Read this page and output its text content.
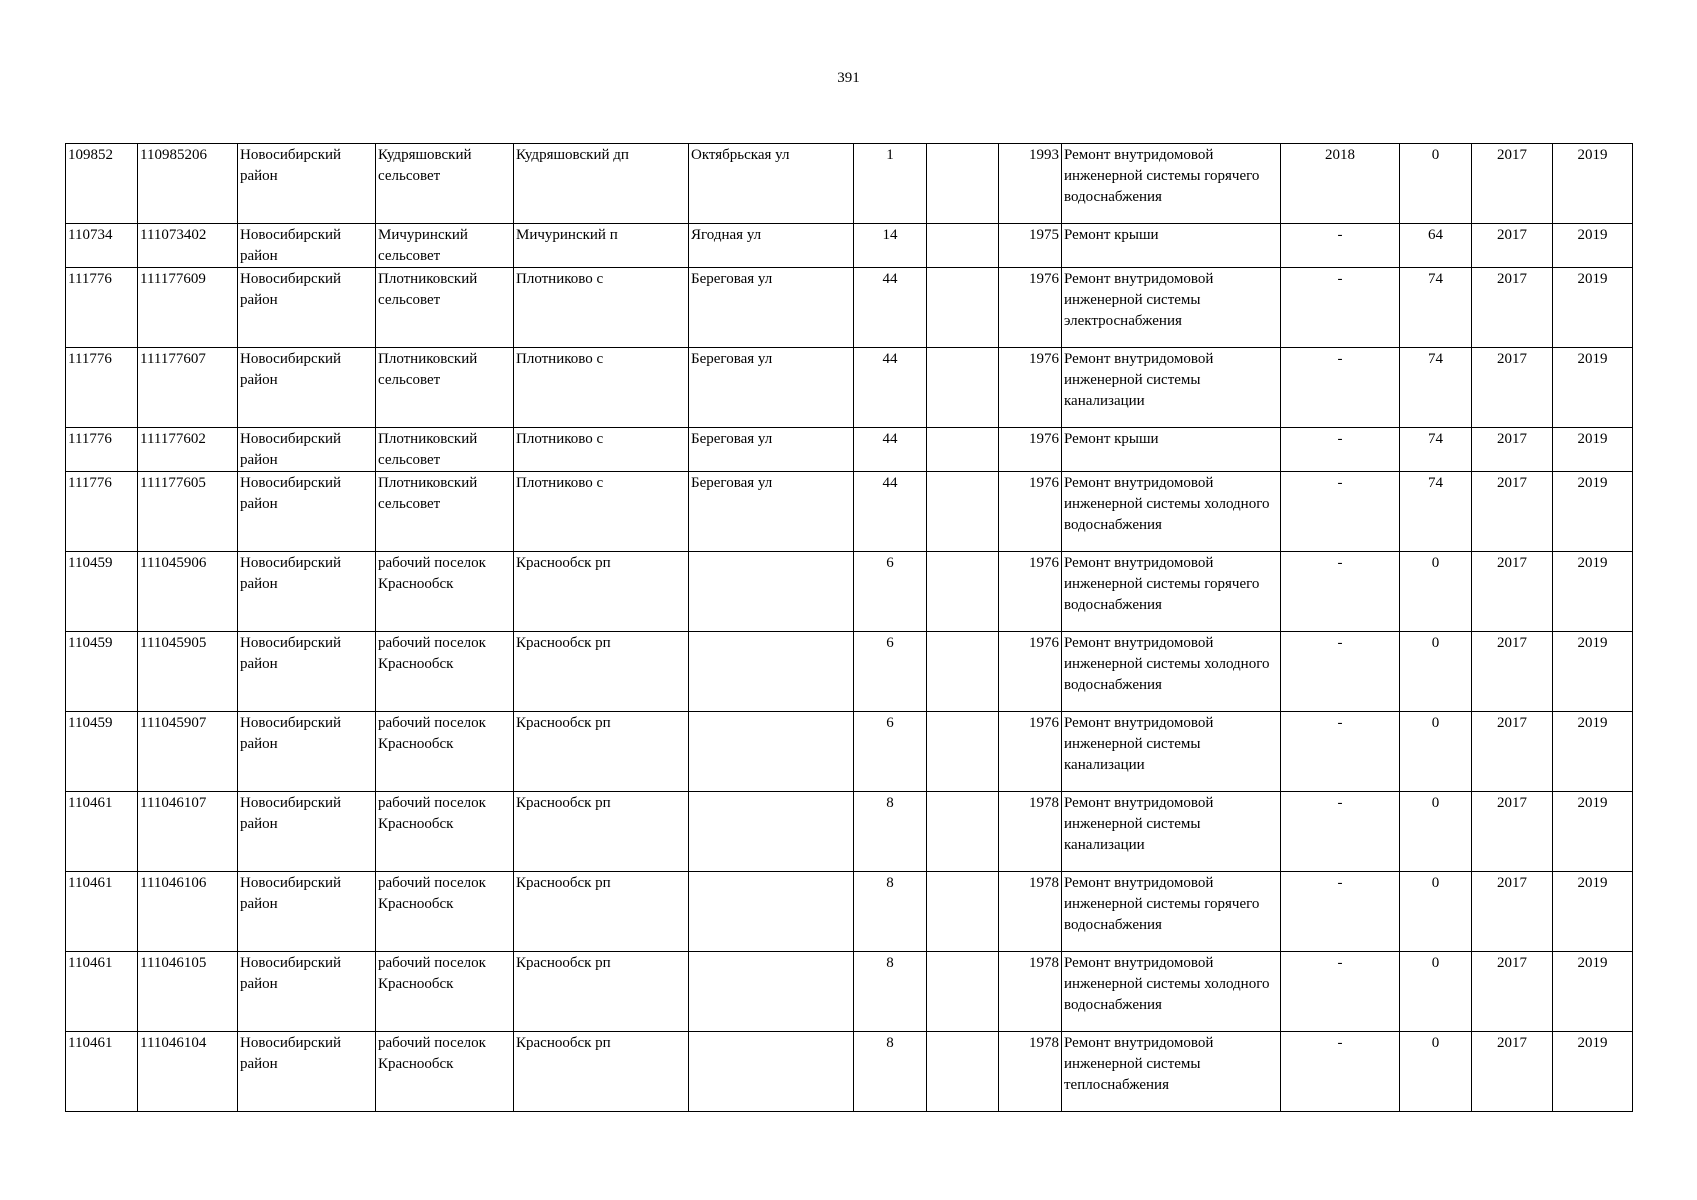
391
109852	110985206	Новосибирский район	Кудряшовский сельсовет	Кудряшовский дп	Октябрьская ул	1		1993	Ремонт внутридомовой инженерной системы горячего водоснабжения	2018	0	2017	2019
110734	111073402	Новосибирский район	Мичуринский сельсовет	Мичуринский п	Ягодная ул	14		1975	Ремонт крыши	-	64	2017	2019
111776	111177609	Новосибирский район	Плотниковский сельсовет	Плотниково с	Береговая ул	44		1976	Ремонт внутридомовой инженерной системы электроснабжения	-	74	2017	2019
111776	111177607	Новосибирский район	Плотниковский сельсовет	Плотниково с	Береговая ул	44		1976	Ремонт внутридомовой инженерной системы канализации	-	74	2017	2019
111776	111177602	Новосибирский район	Плотниковский сельсовет	Плотниково с	Береговая ул	44		1976	Ремонт крыши	-	74	2017	2019
111776	111177605	Новосибирский район	Плотниковский сельсовет	Плотниково с	Береговая ул	44		1976	Ремонт внутридомовой инженерной системы холодного водоснабжения	-	74	2017	2019
110459	111045906	Новосибирский район	рабочий поселок Краснообск	Краснообск рп		6		1976	Ремонт внутридомовой инженерной системы горячего водоснабжения	-	0	2017	2019
110459	111045905	Новосибирский район	рабочий поселок Краснообск	Краснообск рп		6		1976	Ремонт внутридомовой инженерной системы холодного водоснабжения	-	0	2017	2019
110459	111045907	Новосибирский район	рабочий поселок Краснообск	Краснообск рп		6		1976	Ремонт внутридомовой инженерной системы канализации	-	0	2017	2019
110461	111046107	Новосибирский район	рабочий поселок Краснообск	Краснообск рп		8		1978	Ремонт внутридомовой инженерной системы канализации	-	0	2017	2019
110461	111046106	Новосибирский район	рабочий поселок Краснообск	Краснообск рп		8		1978	Ремонт внутридомовой инженерной системы горячего водоснабжения	-	0	2017	2019
110461	111046105	Новосибирский район	рабочий поселок Краснообск	Краснообск рп		8		1978	Ремонт внутридомовой инженерной системы холодного водоснабжения	-	0	2017	2019
110461	111046104	Новосибирский район	рабочий поселок Краснообск	Краснообск рп		8		1978	Ремонт внутридомовой инженерной системы теплоснабжения	-	0	2017	2019
